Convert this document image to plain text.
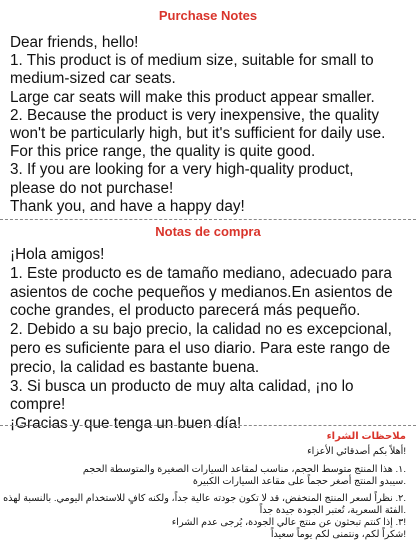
Purchase Notes
Dear friends, hello!
1. This product is of medium size, suitable for small to
medium-sized car seats.
Large car seats will make this product appear smaller.
2. Because the product is very inexpensive, the quality
won't be particularly high, but it's sufficient for daily use.
For this price range, the quality is quite good.
3. If you are looking for a very high-quality product,
please do not purchase!
Thank you, and have a happy day!
Notas de compra
¡Hola amigos!
1. Este producto es de tamaño mediano, adecuado para
asientos de coche pequeños y medianos.En asientos de
coche grandes, el producto parecerá más pequeño.
2. Debido a su bajo precio, la calidad no es excepcional,
pero es suficiente para el uso diario. Para este rango de
precio, la calidad es bastante buena.
3. Si busca un producto de muy alta calidad, ¡no lo
compre!
¡Gracias y que tenga un buen día!
ملاحظات الشراء
!أهلاً بكم أصدقائي الأعزاء
.١. هذا المنتج متوسط الحجم، مناسب لمقاعد السيارات الصغيرة والمتوسطة الحجم
.سيبدو المنتج أصغر حجماً على مقاعد السيارات الكبيرة
.٢. نظراً لسعر المنتج المنخفض، قد لا تكون جودته عالية جداً، ولكنه كافٍ للاستخدام اليومي. بالنسبة لهذه
.الفئة السعرية، تُعتبر الجودة جيدة جداً
!٣. إذا كنتم تبحثون عن منتج عالي الجودة، يُرجى عدم الشراء
!شكراً لكم، ونتمنى لكم يوماً سعيداً
